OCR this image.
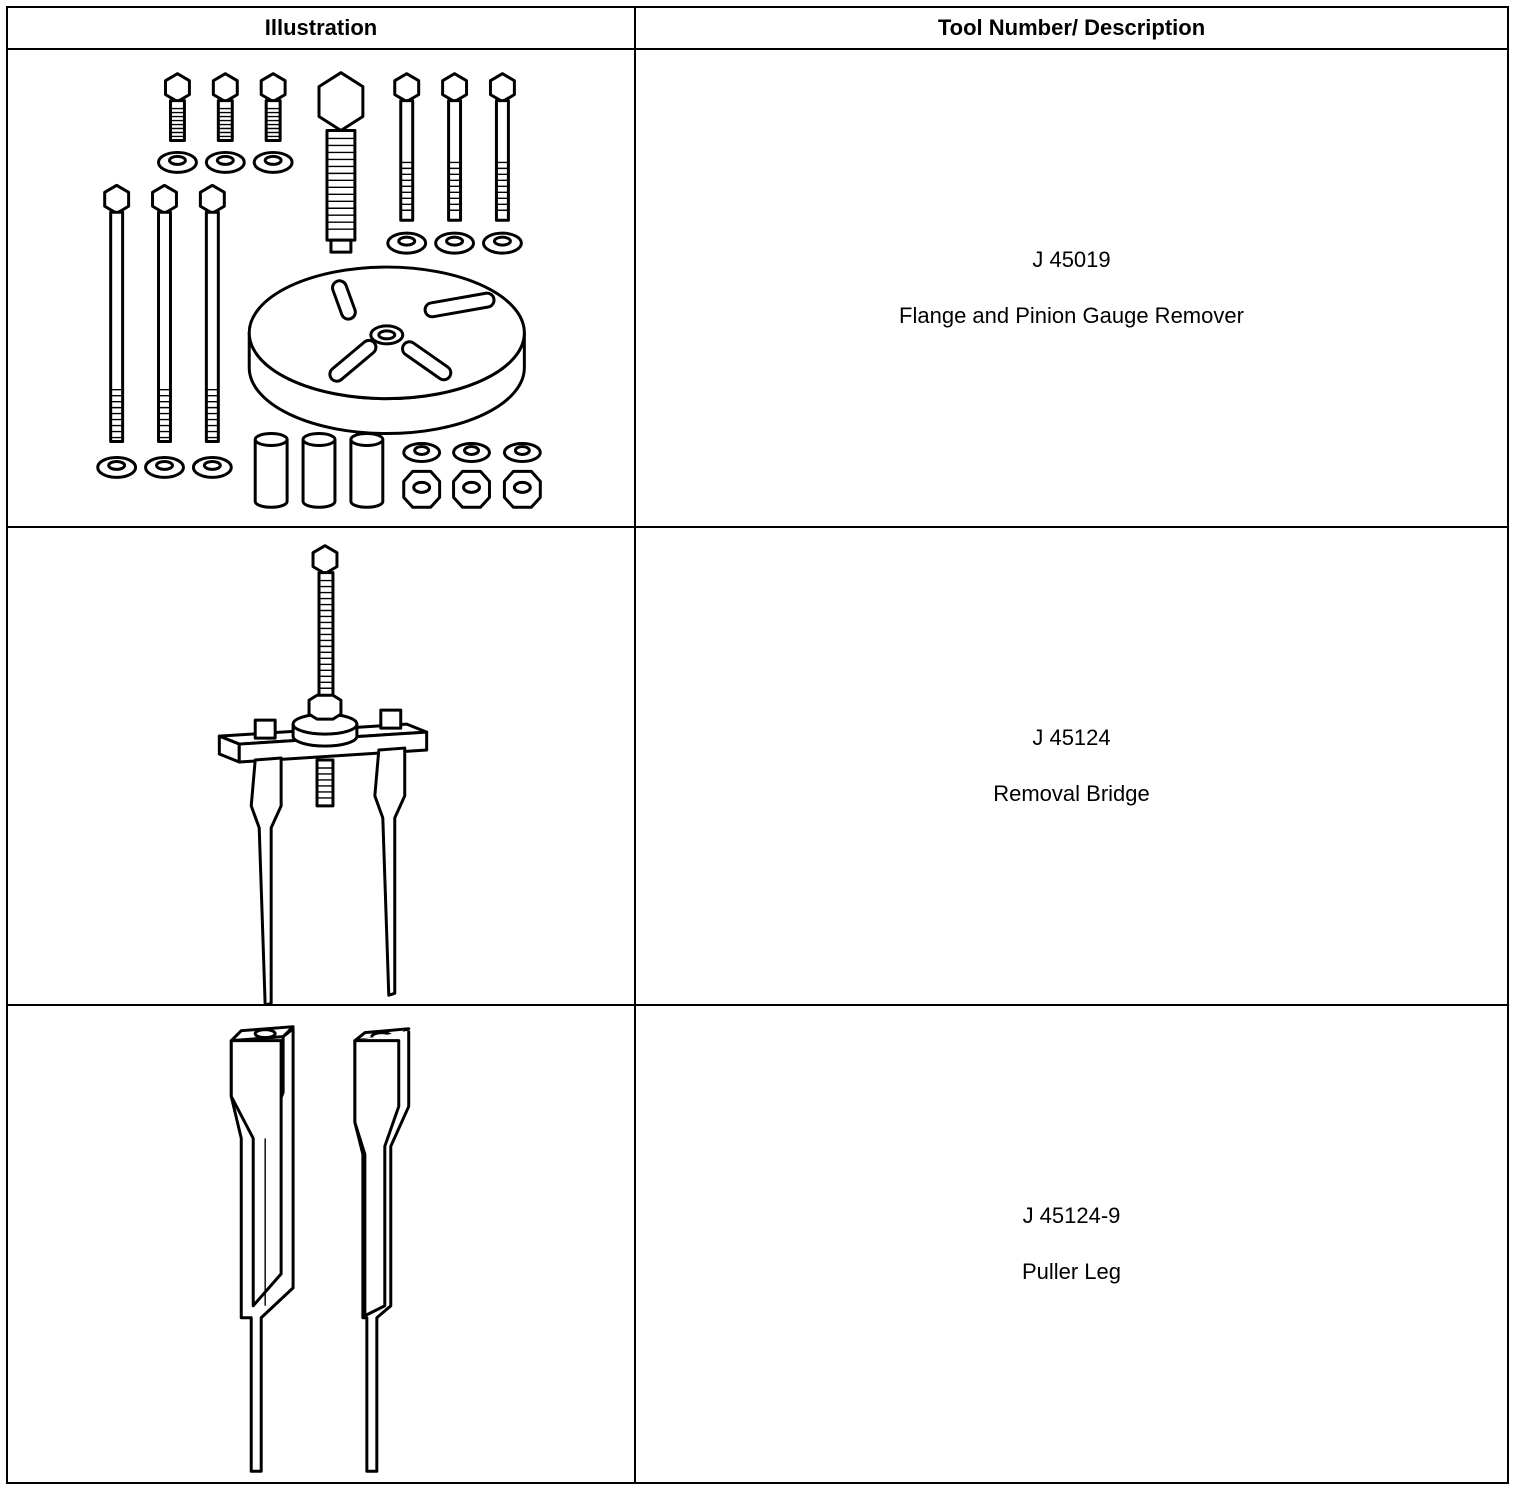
Illustration	Tool Number/ Description

J 45019
Flange and Pinion Gauge Remover

J 45124
Removal Bridge

J 45124-9
Puller Leg
